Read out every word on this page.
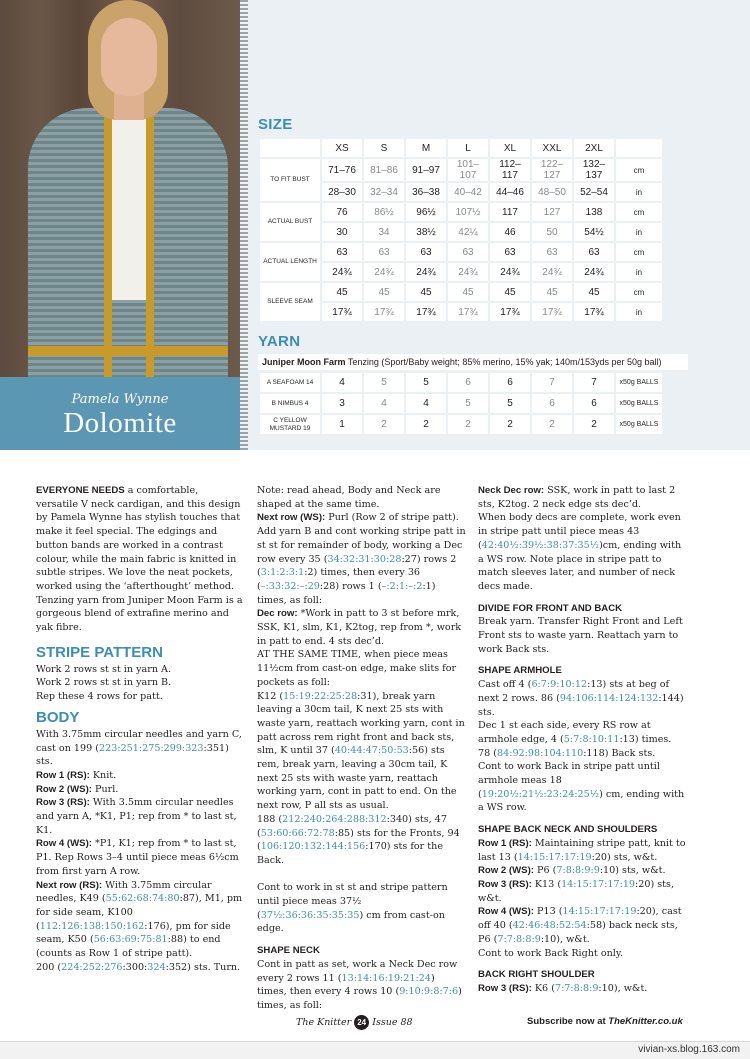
Pamela Wynne
Dolomite
SIZE
	XS	S	M	L	XL	XXL	2XL	
TO FIT BUST	71–76	81–86	91–97	101–107	112–117	122–127	132–137	cm
	28–30	32–34	36–38	40–42	44–46	48–50	52–54	in
ACTUAL BUST	76	86½	96½	107½	117	127	138	cm
	30	34	38½	42¼	46	50	54½	in
ACTUAL LENGTH	63	63	63	63	63	63	63	cm
	24¾	24¾	24¾	24¾	24¾	24¾	24¾	in
SLEEVE SEAM	45	45	45	45	45	45	45	cm
	17¾	17¾	17¾	17¾	17¾	17¾	17¾	in
YARN
Juniper Moon Farm Tenzing (Sport/Baby weight; 85% merino, 15% yak; 140m/153yds per 50g ball)
A SEAFOAM 14	4	5	5	6	6	7	7	x50g BALLS
B NIMBUS 4	3	4	4	5	5	6	6	x50g BALLS
C YELLOW MUSTARD 19	1	2	2	2	2	2	2	x50g BALLS

EVERYONE NEEDS a comfortable, versatile V neck cardigan, and this design by Pamela Wynne has stylish touches that make it feel special. The edgings and button bands are worked in a contrast colour, while the main fabric is knitted in subtle stripes. We love the neat pockets, worked using the ‘afterthought’ method. Tenzing yarn from Juniper Moon Farm is a gorgeous blend of extrafine merino and yak fibre.

STRIPE PATTERN

Work 2 rows st st in yarn A.

Work 2 rows st st in yarn B.

Rep these 4 rows for patt.

BODY

With 3.75mm circular needles and yarn C, cast on 199 (223:251:275:299:323:351) sts.

Row 1 (RS): Knit.

Row 2 (WS): Purl.

Row 3 (RS): With 3.5mm circular needles and yarn A, *K1, P1; rep from * to last st, K1.

Row 4 (WS): *P1, K1; rep from * to last st, P1. Rep Rows 3–4 until piece meas 6½cm from first yarn A row.

Next row (RS): With 3.75mm circular needles, K49 (55:62:68:74:80:87), M1, pm for side seam, K100 (112:126:138:150:162:176), pm for side seam, K50 (56:63:69:75:81:88) to end (counts as Row 1 of stripe patt).

200 (224:252:276:300:324:352) sts. Turn.

Note: read ahead, Body and Neck are shaped at the same time.

Next row (WS): Purl (Row 2 of stripe patt). Add yarn B and cont working stripe patt in st st for remainder of body, working a Dec row every 35 (34:32:31:30:28:27) rows 2 (3:1:2:3:1:2) times, then every 36 (–:33:32:–:29:28) rows 1 (–:2:1:–:2:1) times, as foll:

Dec row: *Work in patt to 3 st before mrk, SSK, K1, slm, K1, K2tog, rep from *, work in patt to end. 4 sts dec’d.

AT THE SAME TIME, when piece meas 11½cm from cast-on edge, make slits for pockets as foll:

K12 (15:19:22:25:28:31), break yarn leaving a 30cm tail, K next 25 sts with waste yarn, reattach working yarn, cont in patt across rem right front and back sts, slm, K until 37 (40:44:47:50:53:56) sts rem, break yarn, leaving a 30cm tail, K next 25 sts with waste yarn, reattach working yarn, cont in patt to end. On the next row, P all sts as usual.

188 (212:240:264:288:312:340) sts, 47 (53:60:66:72:78:85) sts for the Fronts, 94 (106:120:132:144:156:170) sts for the Back.

Cont to work in st st and stripe pattern until piece meas 37½ (37½:36:36:35:35:35) cm from cast-on edge.

SHAPE NECK

Cont in patt as set, work a Neck Dec row every 2 rows 11 (13:14:16:19:21:24) times, then every 4 rows 10 (9:10:9:8:7:6) times, as foll:

Neck Dec row: SSK, work in patt to last 2 sts, K2tog. 2 neck edge sts dec’d.

When body decs are complete, work even in stripe patt until piece meas 43 (42:40½:39½:38:37:35½)cm, ending with a WS row. Note place in stripe patt to match sleeves later, and number of neck decs made.

DIVIDE FOR FRONT AND BACK

Break yarn. Transfer Right Front and Left Front sts to waste yarn. Reattach yarn to work Back sts.

SHAPE ARMHOLE

Cast off 4 (6:7:9:10:12:13) sts at beg of next 2 rows. 86 (94:106:114:124:132:144) sts.

Dec 1 st each side, every RS row at armhole edge, 4 (5:7:8:10:11:13) times.

78 (84:92:98:104:110:118) Back sts.

Cont to work Back in stripe patt until armhole meas 18 (19:20½:21½:23:24:25½) cm, ending with a WS row.

SHAPE BACK NECK AND SHOULDERS

Row 1 (RS): Maintaining stripe patt, knit to last 13 (14:15:17:17:19:20) sts, w&t.

Row 2 (WS): P6 (7:8:8:9:9:10) sts, w&t.

Row 3 (RS): K13 (14:15:17:17:19:20) sts, w&t.

Row 4 (WS): P13 (14:15:17:17:19:20), cast off 40 (42:46:48:52:54:58) back neck sts, P6 (7:7:8:8:9:10), w&t.

Cont to work Back Right only.

BACK RIGHT SHOULDER

Row 3 (RS): K6 (7:7:8:8:9:10), w&t.

The Knitter 24 Issue 88	Subscribe now at TheKnitter.co.uk
vivian-xs.blog.163.com
